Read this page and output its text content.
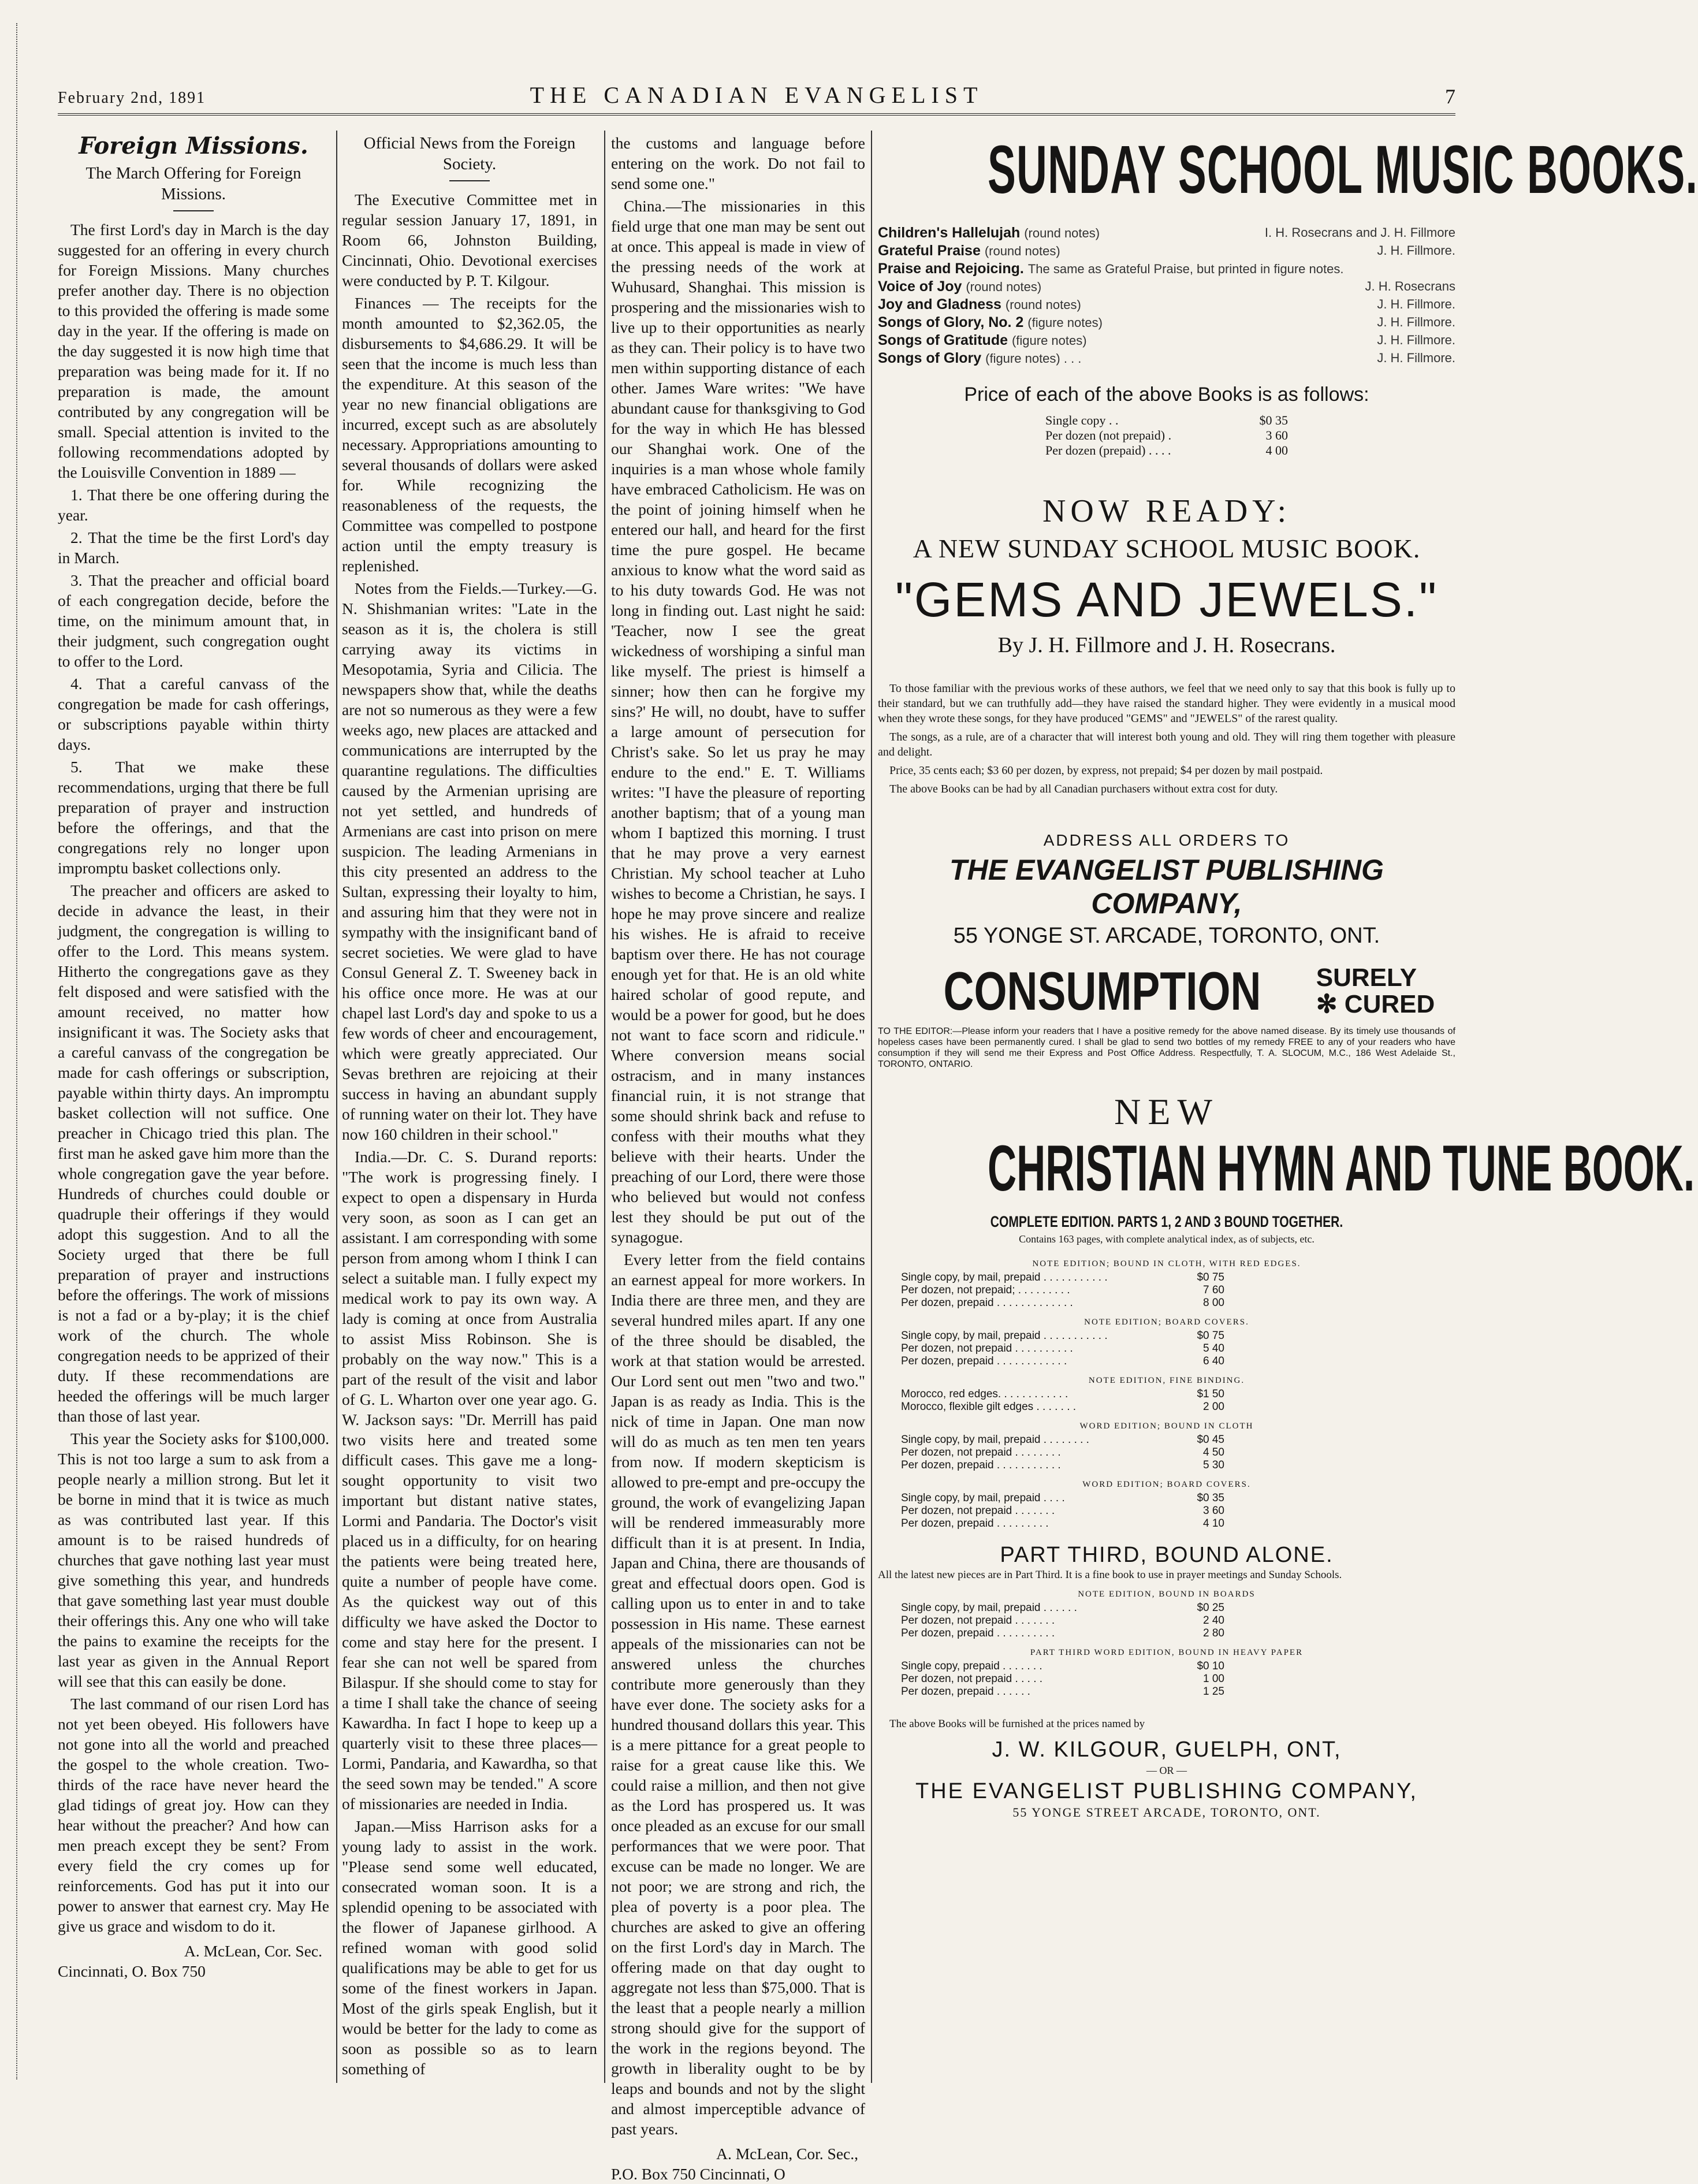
February 2nd, 1891	THE CANADIAN EVANGELIST	7
Foreign Missions.
The March Offering for Foreign Missions.

The first Lord's day in March is the day suggested for an offering in every church for Foreign Missions. Many churches prefer another day. There is no objection to this provided the offering is made some day in the year. If the offering is made on the day suggested it is now high time that preparation was being made for it. If no preparation is made, the amount contributed by any congregation will be small. Special attention is invited to the following recommendations adopted by the Louisville Convention in 1889 —

1. That there be one offering during the year.

2. That the time be the first Lord's day in March.

3. That the preacher and official board of each congregation decide, before the time, on the minimum amount that, in their judgment, such congregation ought to offer to the Lord.

4. That a careful canvass of the congregation be made for cash offerings, or subscriptions payable within thirty days.

5. That we make these recommendations, urging that there be full preparation of prayer and instruction before the offerings, and that the congregations rely no longer upon impromptu basket collections only.

The preacher and officers are asked to decide in advance the least, in their judgment, the congregation is willing to offer to the Lord. This means system. Hitherto the congregations gave as they felt disposed and were satisfied with the amount received, no matter how insignificant it was. The Society asks that a careful canvass of the congregation be made for cash offerings or subscription, payable within thirty days. An impromptu basket collection will not suffice. One preacher in Chicago tried this plan. The first man he asked gave him more than the whole congregation gave the year before. Hundreds of churches could double or quadruple their offerings if they would adopt this suggestion. And to all the Society urged that there be full preparation of prayer and instructions before the offerings. The work of missions is not a fad or a by-play; it is the chief work of the church. The whole congregation needs to be apprized of their duty. If these recommendations are heeded the offerings will be much larger than those of last year.

This year the Society asks for $100,000. This is not too large a sum to ask from a people nearly a million strong. But let it be borne in mind that it is twice as much as was contributed last year. If this amount is to be raised hundreds of churches that gave nothing last year must give something this year, and hundreds that gave something last year must double their offerings this. Any one who will take the pains to examine the receipts for the last year as given in the Annual Report will see that this can easily be done.

The last command of our risen Lord has not yet been obeyed. His followers have not gone into all the world and preached the gospel to the whole creation. Two-thirds of the race have never heard the glad tidings of great joy. How can they hear without the preacher? And how can men preach except they be sent? From every field the cry comes up for reinforcements. God has put it into our power to answer that earnest cry. May He give us grace and wisdom to do it.

A. McLean, Cor. Sec.

Cincinnati, O. Box 750

Official News from the Foreign Society.

The Executive Committee met in regular session January 17, 1891, in Room 66, Johnston Building, Cincinnati, Ohio. Devotional exercises were conducted by P. T. Kilgour.

Finances — The receipts for the month amounted to $2,362.05, the disbursements to $4,686.29. It will be seen that the income is much less than the expenditure. At this season of the year no new financial obligations are incurred, except such as are absolutely necessary. Appropriations amounting to several thousands of dollars were asked for. While recognizing the reasonableness of the requests, the Committee was compelled to postpone action until the empty treasury is replenished.

Notes from the Fields.—Turkey.—G. N. Shishmanian writes: "Late in the season as it is, the cholera is still carrying away its victims in Mesopotamia, Syria and Cilicia. The newspapers show that, while the deaths are not so numerous as they were a few weeks ago, new places are attacked and communications are interrupted by the quarantine regulations. The difficulties caused by the Armenian uprising are not yet settled, and hundreds of Armenians are cast into prison on mere suspicion. The leading Armenians in this city presented an address to the Sultan, expressing their loyalty to him, and assuring him that they were not in sympathy with the insignificant band of secret societies. We were glad to have Consul General Z. T. Sweeney back in his office once more. He was at our chapel last Lord's day and spoke to us a few words of cheer and encouragement, which were greatly appreciated. Our Sevas brethren are rejoicing at their success in having an abundant supply of running water on their lot. They have now 160 children in their school."

India.—Dr. C. S. Durand reports: "The work is progressing finely. I expect to open a dispensary in Hurda very soon, as soon as I can get an assistant. I am corresponding with some person from among whom I think I can select a suitable man. I fully expect my medical work to pay its own way. A lady is coming at once from Australia to assist Miss Robinson. She is probably on the way now." This is a part of the result of the visit and labor of G. L. Wharton over one year ago. G. W. Jackson says: "Dr. Merrill has paid two visits here and treated some difficult cases. This gave me a long-sought opportunity to visit two important but distant native states, Lormi and Pandaria. The Doctor's visit placed us in a difficulty, for on hearing the patients were being treated here, quite a number of people have come. As the quickest way out of this difficulty we have asked the Doctor to come and stay here for the present. I fear she can not well be spared from Bilaspur. If she should come to stay for a time I shall take the chance of seeing Kawardha. In fact I hope to keep up a quarterly visit to these three places—Lormi, Pandaria, and Kawardha, so that the seed sown may be tended." A score of missionaries are needed in India.

Japan.—Miss Harrison asks for a young lady to assist in the work. "Please send some well educated, consecrated woman soon. It is a splendid opening to be associated with the flower of Japanese girlhood. A refined woman with good solid qualifications may be able to get for us some of the finest workers in Japan. Most of the girls speak English, but it would be better for the lady to come as soon as possible so as to learn something of

the customs and language before entering on the work. Do not fail to send some one."

China.—The missionaries in this field urge that one man may be sent out at once. This appeal is made in view of the pressing needs of the work at Wuhusard, Shanghai. This mission is prospering and the missionaries wish to live up to their opportunities as nearly as they can. Their policy is to have two men within supporting distance of each other. James Ware writes: "We have abundant cause for thanksgiving to God for the way in which He has blessed our Shanghai work. One of the inquiries is a man whose whole family have embraced Catholicism. He was on the point of joining himself when he entered our hall, and heard for the first time the pure gospel. He became anxious to know what the word said as to his duty towards God. He was not long in finding out. Last night he said: 'Teacher, now I see the great wickedness of worshiping a sinful man like myself. The priest is himself a sinner; how then can he forgive my sins?' He will, no doubt, have to suffer a large amount of persecution for Christ's sake. So let us pray he may endure to the end." E. T. Williams writes: "I have the pleasure of reporting another baptism; that of a young man whom I baptized this morning. I trust that he may prove a very earnest Christian. My school teacher at Luho wishes to become a Christian, he says. I hope he may prove sincere and realize his wishes. He is afraid to receive baptism over there. He has not courage enough yet for that. He is an old white haired scholar of good repute, and would be a power for good, but he does not want to face scorn and ridicule." Where conversion means social ostracism, and in many instances financial ruin, it is not strange that some should shrink back and refuse to confess with their mouths what they believe with their hearts. Under the preaching of our Lord, there were those who believed but would not confess lest they should be put out of the synagogue.

Every letter from the field contains an earnest appeal for more workers. In India there are three men, and they are several hundred miles apart. If any one of the three should be disabled, the work at that station would be arrested. Our Lord sent out men "two and two." Japan is as ready as India. This is the nick of time in Japan. One man now will do as much as ten men ten years from now. If modern skepticism is allowed to pre-empt and pre-occupy the ground, the work of evangelizing Japan will be rendered immeasurably more difficult than it is at present. In India, Japan and China, there are thousands of great and effectual doors open. God is calling upon us to enter in and to take possession in His name. These earnest appeals of the missionaries can not be answered unless the churches contribute more generously than they have ever done. The society asks for a hundred thousand dollars this year. This is a mere pittance for a great people to raise for a great cause like this. We could raise a million, and then not give as the Lord has prospered us. It was once pleaded as an excuse for our small performances that we were poor. That excuse can be made no longer. We are not poor; we are strong and rich, the plea of poverty is a poor plea. The churches are asked to give an offering on the first Lord's day in March. The offering made on that day ought to aggregate not less than $75,000. That is the least that a people nearly a million strong should give for the support of the work in the regions beyond. The growth in liberality ought to be by leaps and bounds and not by the slight and almost imperceptible advance of past years.

A. McLean, Cor. Sec.,

P.O. Box 750 Cincinnati, O

SUNDAY SCHOOL MUSIC BOOKS.
Children's Hallelujah (round notes)	I. H. Rosecrans and J. H. Fillmore
Grateful Praise (round notes)	J. H. Fillmore.
Praise and Rejoicing. The same as Grateful Praise, but printed in figure notes.
Voice of Joy (round notes)	J. H. Rosecrans
Joy and Gladness (round notes)	J. H. Fillmore.
Songs of Glory, No. 2 (figure notes)	J. H. Fillmore.
Songs of Gratitude (figure notes)	J. H. Fillmore.
Songs of Glory (figure notes) . . .	J. H. Fillmore.
Price of each of the above Books is as follows:
Single copy . .	$0 35
Per dozen (not prepaid) .	3 60
Per dozen (prepaid) . . . .	4 00
NOW READY:
A NEW SUNDAY SCHOOL MUSIC BOOK.
"GEMS AND JEWELS."
By J. H. Fillmore and J. H. Rosecrans.

To those familiar with the previous works of these authors, we feel that we need only to say that this book is fully up to their standard, but we can truthfully add—they have raised the standard higher. They were evidently in a musical mood when they wrote these songs, for they have produced "GEMS" and "JEWELS" of the rarest quality.

The songs, as a rule, are of a character that will interest both young and old. They will ring them together with pleasure and delight.

Price, 35 cents each; $3 60 per dozen, by express, not prepaid; $4 per dozen by mail postpaid.

The above Books can be had by all Canadian purchasers without extra cost for duty.

ADDRESS ALL ORDERS TO
THE EVANGELIST PUBLISHING COMPANY,
55 YONGE ST. ARCADE, TORONTO, ONT.
CONSUMPTION SURELY
✻ CURED

TO THE EDITOR:—Please inform your readers that I have a positive remedy for the above named disease. By its timely use thousands of hopeless cases have been permanently cured. I shall be glad to send two bottles of my remedy FREE to any of your readers who have consumption if they will send me their Express and Post Office Address. Respectfully, T. A. SLOCUM, M.C., 186 West Adelaide St., TORONTO, ONTARIO.

NEW
CHRISTIAN HYMN AND TUNE BOOK.
COMPLETE EDITION. PARTS 1, 2 AND 3 BOUND TOGETHER.
Contains 163 pages, with complete analytical index, as of subjects, etc.
NOTE EDITION; BOUND IN CLOTH, WITH RED EDGES.
Single copy, by mail, prepaid . . . . . . . . . . .	$0 75
Per dozen, not prepaid; . . . . . . . . .	7 60
Per dozen, prepaid . . . . . . . . . . . . .	8 00
NOTE EDITION; BOARD COVERS.
Single copy, by mail, prepaid . . . . . . . . . . .	$0 75
Per dozen, not prepaid . . . . . . . . . .	5 40
Per dozen, prepaid . . . . . . . . . . . .	6 40
NOTE EDITION, FINE BINDING.
Morocco, red edges. . . . . . . . . . . .	$1 50
Morocco, flexible gilt edges . . . . . . .	2 00
WORD EDITION; BOUND IN CLOTH
Single copy, by mail, prepaid . . . . . . . .	$0 45
Per dozen, not prepaid . . . . . . . .	4 50
Per dozen, prepaid . . . . . . . . . . .	5 30
WORD EDITION; BOARD COVERS.
Single copy, by mail, prepaid . . . .	$0 35
Per dozen, not prepaid . . . . . . .	3 60
Per dozen, prepaid . . . . . . . . .	4 10
PART THIRD, BOUND ALONE.
All the latest new pieces are in Part Third. It is a fine book to use in prayer meetings and Sunday Schools.
NOTE EDITION, BOUND IN BOARDS
Single copy, by mail, prepaid . . . . . .	$0 25
Per dozen, not prepaid . . . . . . .	2 40
Per dozen, prepaid . . . . . . . . . .	2 80
PART THIRD WORD EDITION, BOUND IN HEAVY PAPER
Single copy, prepaid . . . . . . .	$0 10
Per dozen, not prepaid . . . . .	1 00
Per dozen, prepaid . . . . . .	1 25
The above Books will be furnished at the prices named by
J. W. KILGOUR, GUELPH, ONT,
— OR —
THE EVANGELIST PUBLISHING COMPANY,
55 YONGE STREET ARCADE, TORONTO, ONT.
